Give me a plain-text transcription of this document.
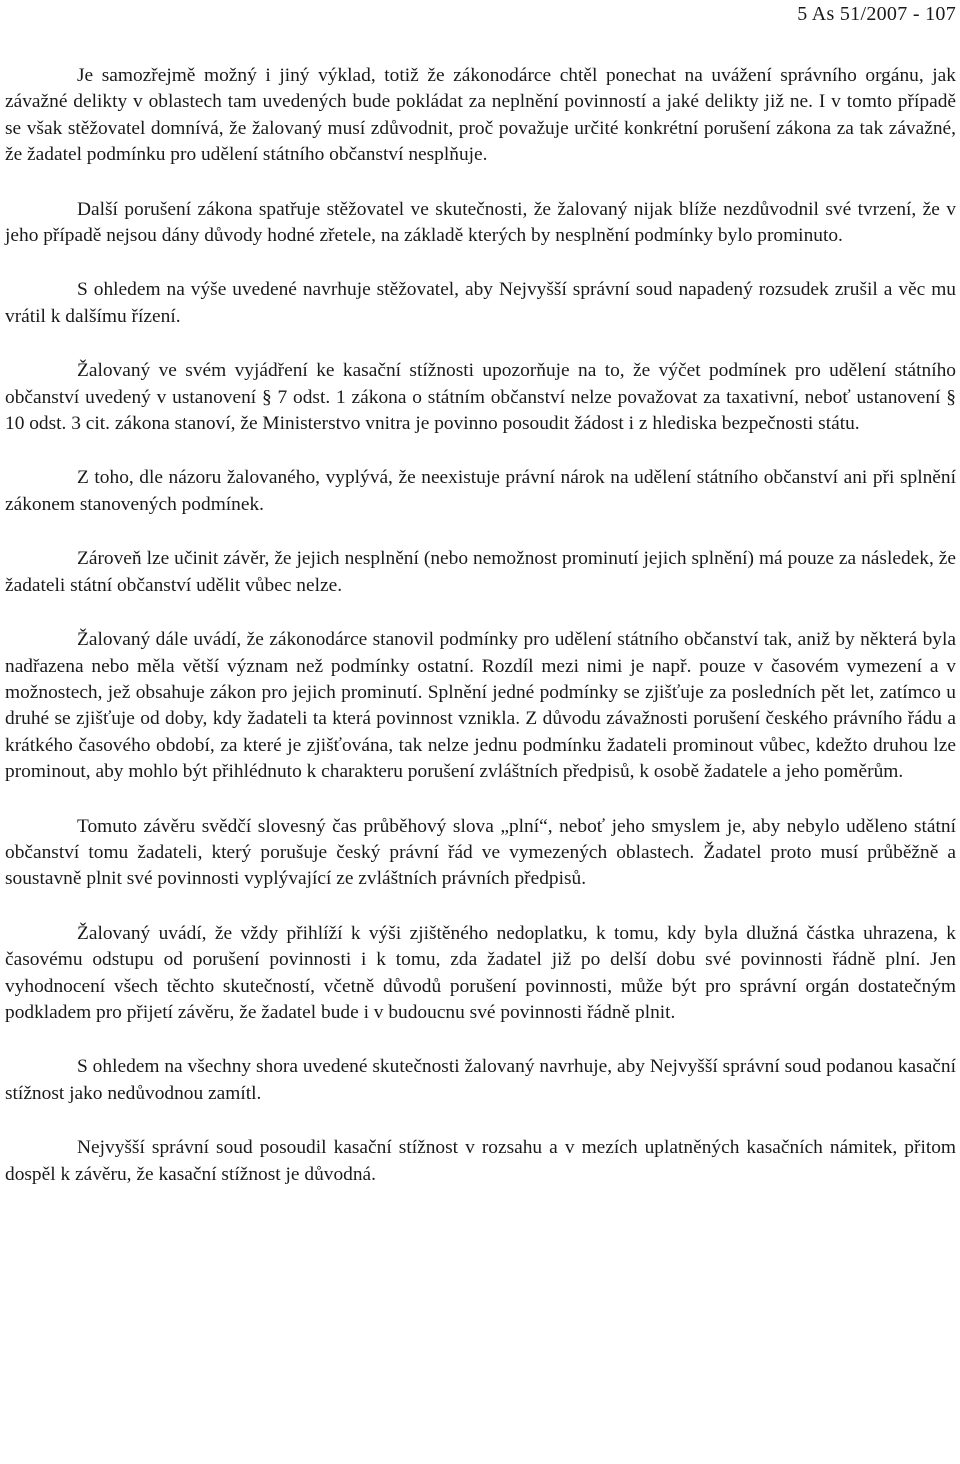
5 As 51/2007 - 107

Je samozřejmě možný i jiný výklad, totiž že zákonodárce chtěl ponechat na uvážení správního orgánu, jak závažné delikty v oblastech tam uvedených bude pokládat za neplnění povinností a jaké delikty již ne. I v tomto případě se však stěžovatel domnívá, že žalovaný musí zdůvodnit, proč považuje určité konkrétní porušení zákona za tak závažné, že žadatel podmínku pro udělení státního občanství nesplňuje.

Další porušení zákona spatřuje stěžovatel ve skutečnosti, že žalovaný nijak blíže nezdůvodnil své tvrzení, že v jeho případě nejsou dány důvody hodné zřetele, na základě kterých by nesplnění podmínky bylo prominuto.

S ohledem na výše uvedené navrhuje stěžovatel, aby Nejvyšší správní soud napadený rozsudek zrušil a věc mu vrátil k dalšímu řízení.

Žalovaný ve svém vyjádření ke kasační stížnosti upozorňuje na to, že výčet podmínek pro udělení státního občanství uvedený v ustanovení § 7 odst. 1 zákona o státním občanství nelze považovat za taxativní, neboť ustanovení § 10 odst. 3 cit. zákona stanoví, že Ministerstvo vnitra je povinno posoudit žádost i z hlediska bezpečnosti státu.

Z toho, dle názoru žalovaného, vyplývá, že neexistuje právní nárok na udělení státního občanství ani při splnění zákonem stanovených podmínek.

Zároveň lze učinit závěr, že jejich nesplnění (nebo nemožnost prominutí jejich splnění) má pouze za následek, že žadateli státní občanství udělit vůbec nelze.

Žalovaný dále uvádí, že zákonodárce stanovil podmínky pro udělení státního občanství tak, aniž by některá byla nadřazena nebo měla větší význam než podmínky ostatní. Rozdíl mezi nimi je např. pouze v časovém vymezení a v možnostech, jež obsahuje zákon pro jejich prominutí. Splnění jedné podmínky se zjišťuje za posledních pět let, zatímco u druhé se zjišťuje od doby, kdy žadateli ta která povinnost vznikla. Z důvodu závažnosti porušení českého právního řádu a krátkého časového období, za které je zjišťována, tak nelze jednu podmínku žadateli prominout vůbec, kdežto druhou lze prominout, aby mohlo být přihlédnuto k charakteru porušení zvláštních předpisů, k osobě žadatele a jeho poměrům.

Tomuto závěru svědčí slovesný čas průběhový slova „plní“, neboť jeho smyslem je, aby nebylo uděleno státní občanství tomu žadateli, který porušuje český právní řád ve vymezených oblastech. Žadatel proto musí průběžně a soustavně plnit své povinnosti vyplývající ze zvláštních právních předpisů.

Žalovaný uvádí, že vždy přihlíží k výši zjištěného nedoplatku, k tomu, kdy byla dlužná částka uhrazena, k časovému odstupu od porušení povinnosti i k tomu, zda žadatel již po delší dobu své povinnosti řádně plní. Jen vyhodnocení všech těchto skutečností, včetně důvodů porušení povinnosti, může být pro správní orgán dostatečným podkladem pro přijetí závěru, že žadatel bude i v budoucnu své povinnosti řádně plnit.

S ohledem na všechny shora uvedené skutečnosti žalovaný navrhuje, aby Nejvyšší správní soud podanou kasační stížnost jako nedůvodnou zamítl.

Nejvyšší správní soud posoudil kasační stížnost v rozsahu a v mezích uplatněných kasačních námitek, přitom dospěl k závěru, že kasační stížnost je důvodná.
